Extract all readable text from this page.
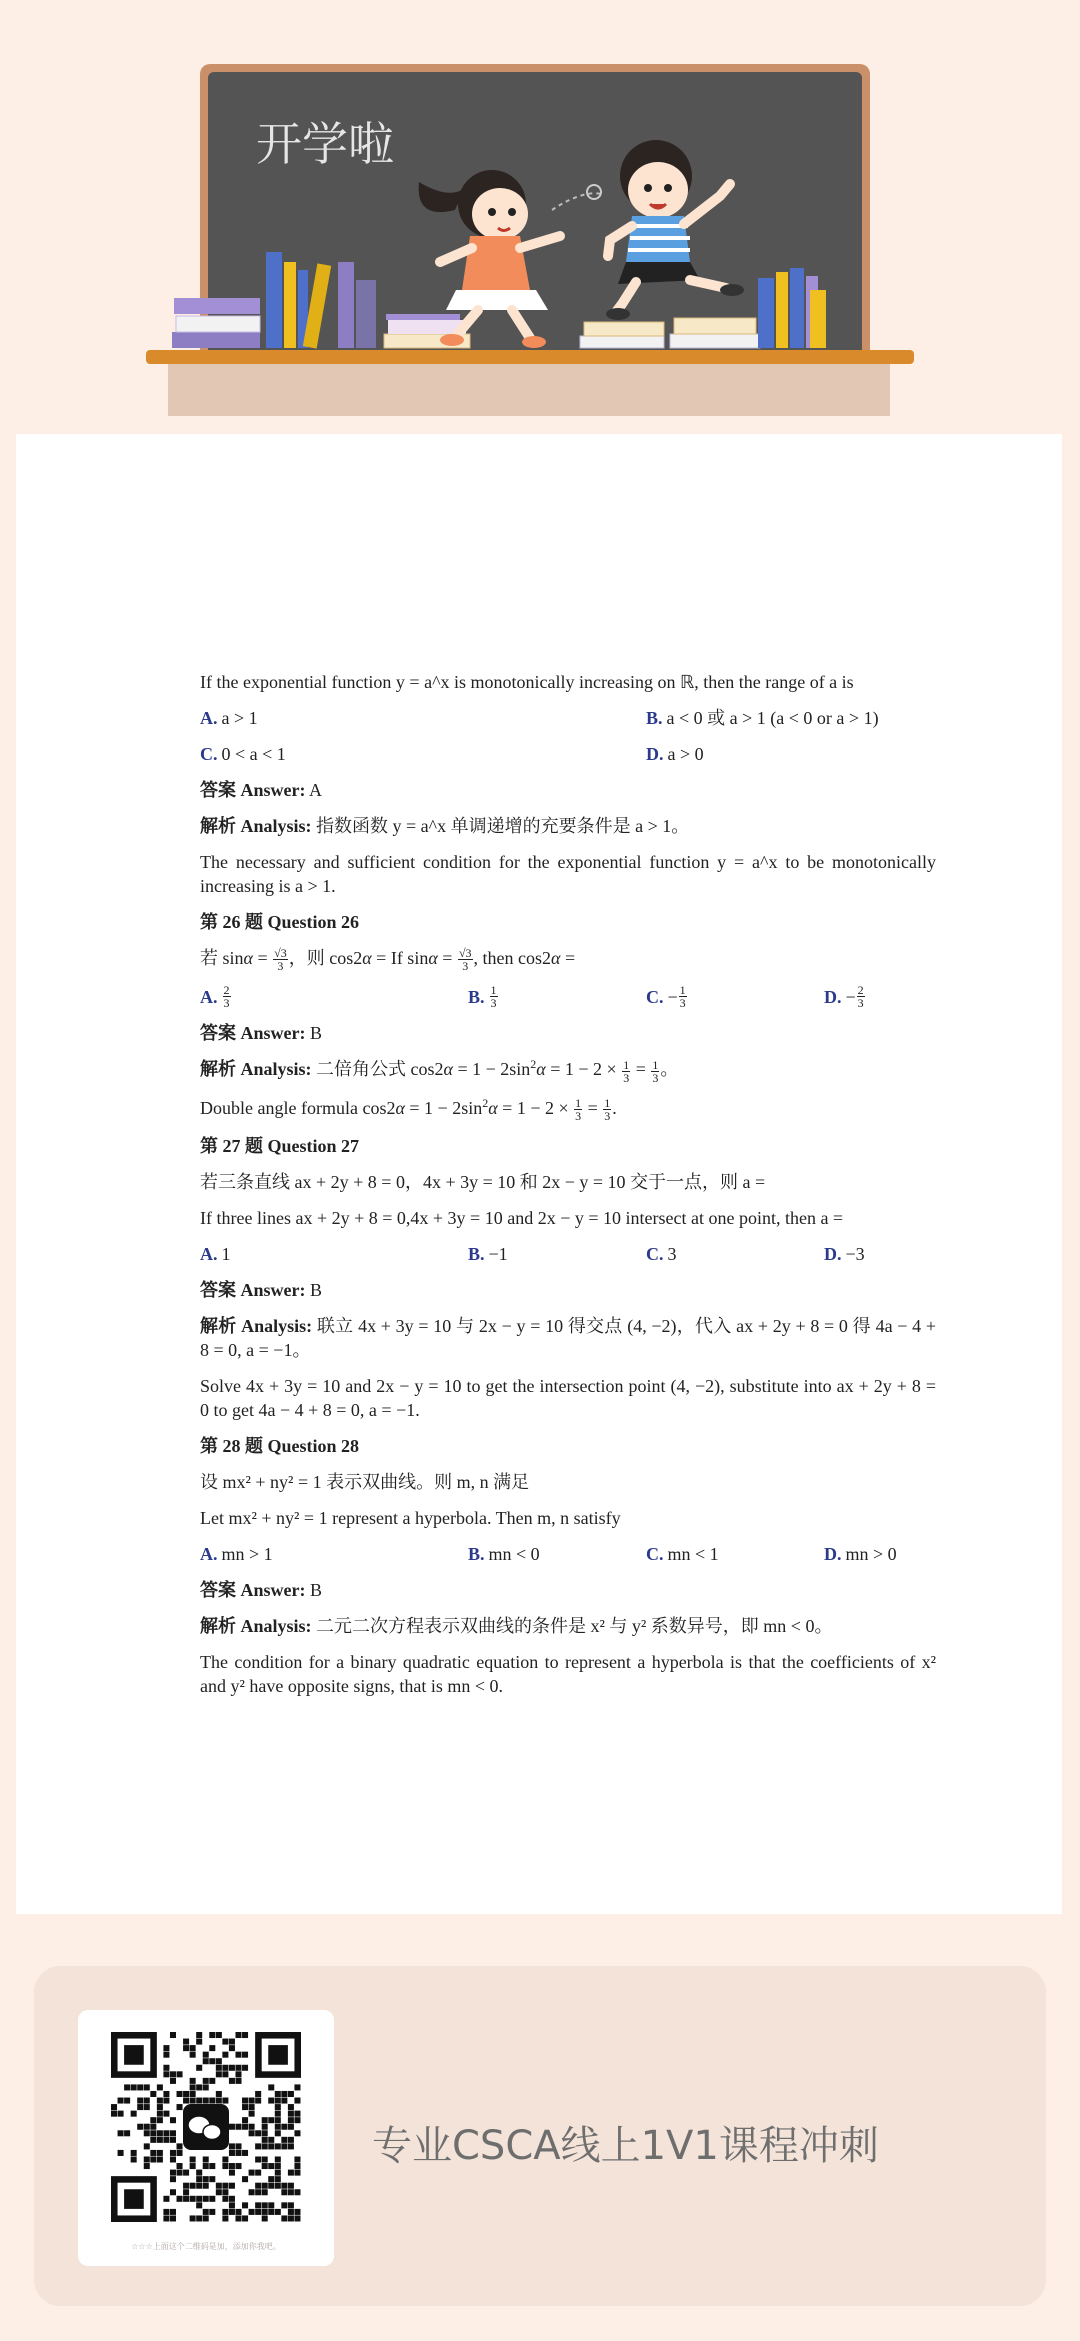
开学啦

If the exponential function y = a^x is monotonically increasing on ℝ, then the range of a is

A. a > 1	B. a < 0 或 a > 1 (a < 0 or a > 1)
C. 0 < a < 1	D. a > 0

答案 Answer: A

解析 Analysis: 指数函数 y = a^x 单调递增的充要条件是 a > 1。

The necessary and sufficient condition for the exponential function y = a^x to be monotonically increasing is a > 1.

第 26 题 Question 26

若 $\sin\alpha = \frac{√3}{3}$ ，则 cos2α = If $\sin\alpha = \frac{√3}{3}$ , then cos2α =

A. $\frac{2}{3}$	B. $\frac{1}{3}$	C. − $\frac{1}{3}$	D. − $\frac{2}{3}$

答案 Answer: B

解析 Analysis: 二倍角公式 $\cos 2\alpha = 1 - 2\sin^2\alpha = 1 - 2 \times \frac{1}{3} = \frac{1}{3}$ 。

Double angle formula $\cos 2\alpha = 1 - 2\sin^2\alpha = 1 - 2 \times \frac{1}{3} = \frac{1}{3}$ .

第 27 题 Question 27

若三条直线 ax + 2y + 8 = 0，4x + 3y = 10 和 2x − y = 10 交于一点，则 a =

If three lines ax + 2y + 8 = 0,4x + 3y = 10 and 2x − y = 10 intersect at one point, then a =

A. 1	B. −1	C. 3	D. −3

答案 Answer: B

解析 Analysis: 联立 4x + 3y = 10 与 2x − y = 10 得交点 (4, −2)，代入 ax + 2y + 8 = 0 得 4a − 4 + 8 = 0, a = −1。

Solve 4x + 3y = 10 and 2x − y = 10 to get the intersection point (4, −2), substitute into ax + 2y + 8 = 0 to get 4a − 4 + 8 = 0, a = −1.

第 28 题 Question 28

设 mx² + ny² = 1 表示双曲线。则 m, n 满足

Let mx² + ny² = 1 represent a hyperbola. Then m, n satisfy

A. mn > 1	B. mn < 0	C. mn < 1	D. mn > 0

答案 Answer: B

解析 Analysis: 二元二次方程表示双曲线的条件是 x² 与 y² 系数异号，即 mn < 0。

The condition for a binary quadratic equation to represent a hyperbola is that the coefficients of x² and y² have opposite signs, that is mn < 0.

☆☆☆上面这个二维码是加，添加你我吧。
专业CSCA线上1V1课程冲刺
